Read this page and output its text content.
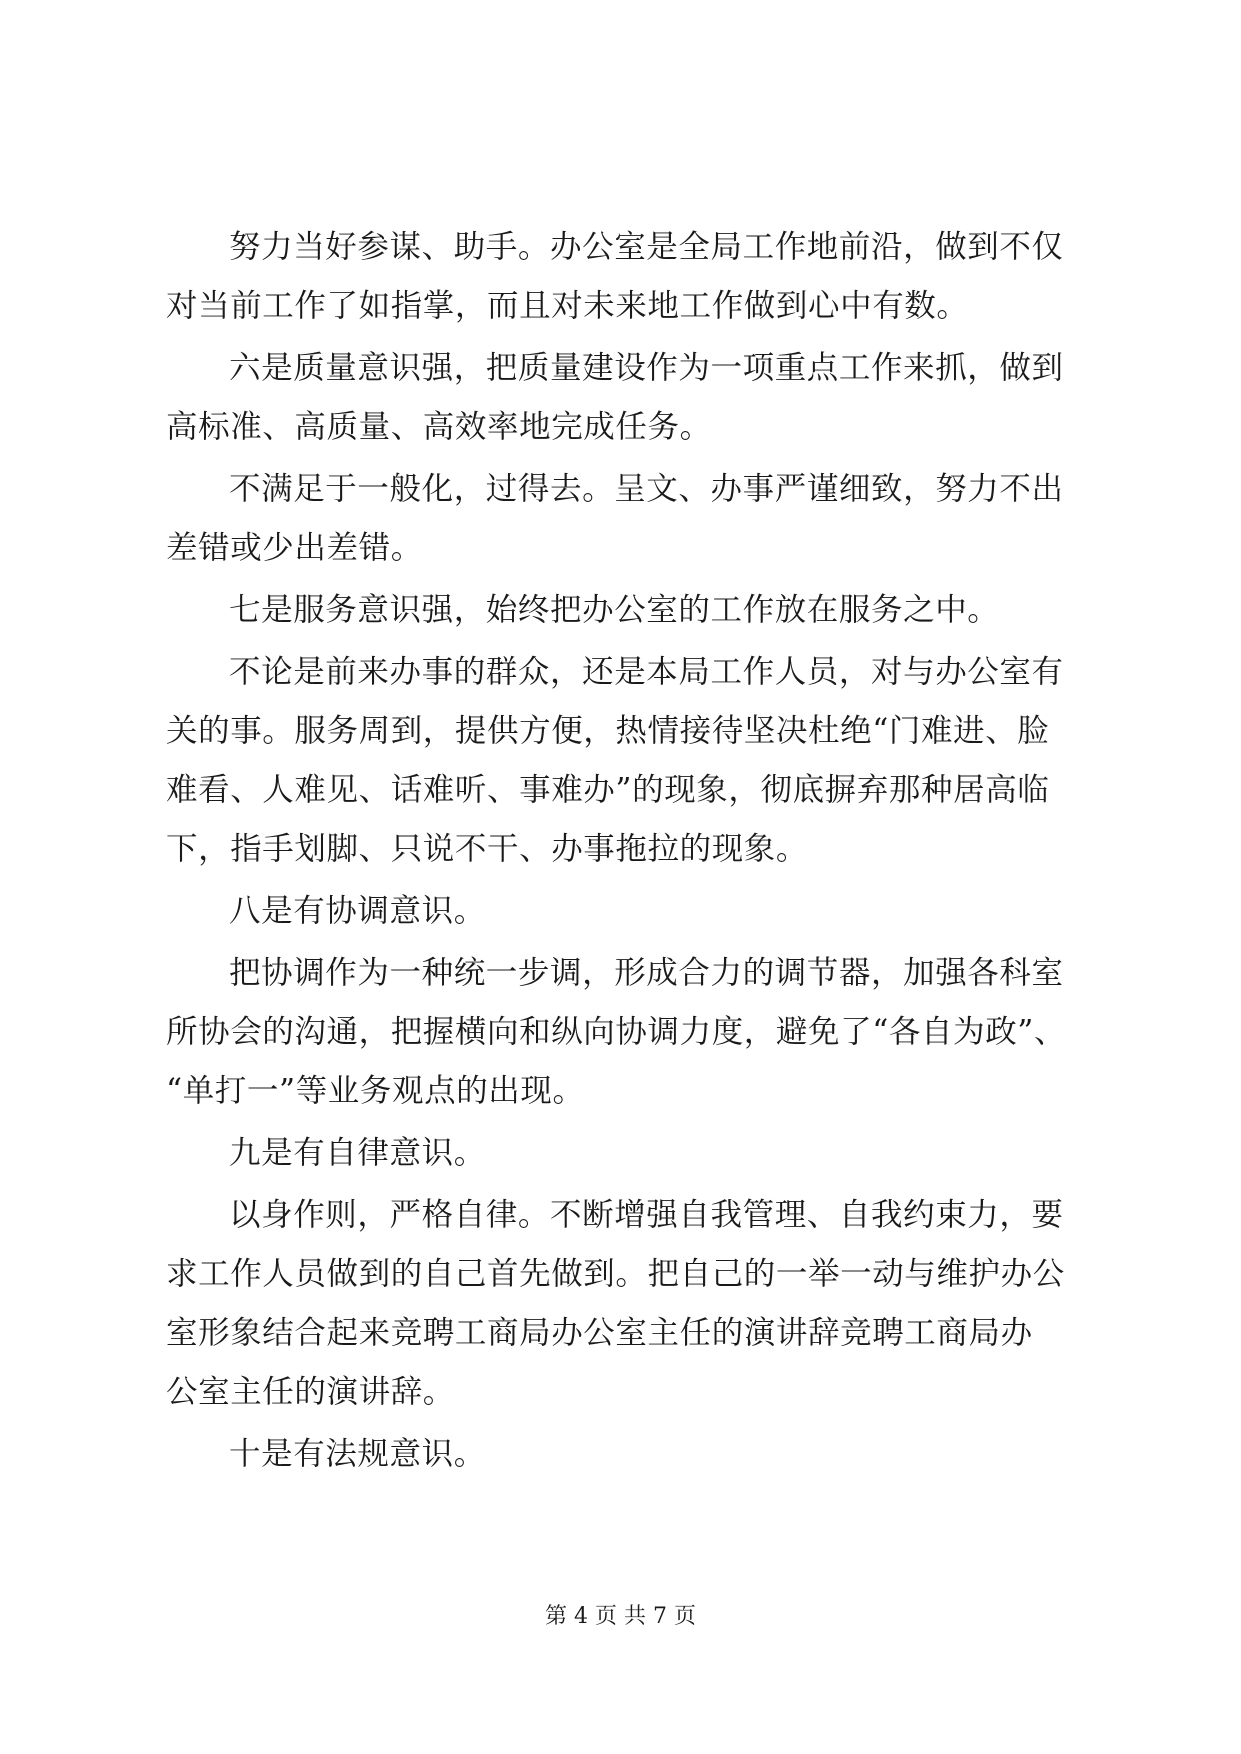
努力当好参谋、助手。办公室是全局工作地前沿，做到不仅

对当前工作了如指掌，而且对未来地工作做到心中有数。

六是质量意识强，把质量建设作为一项重点工作来抓，做到

高标准、高质量、高效率地完成任务。

不满足于一般化，过得去。呈文、办事严谨细致，努力不出

差错或少出差错。

七是服务意识强，始终把办公室的工作放在服务之中。

不论是前来办事的群众，还是本局工作人员，对与办公室有

关的事。服务周到，提供方便，热情接待坚决杜绝“门难进、脸

难看、人难见、话难听、事难办”的现象，彻底摒弃那种居高临

下，指手划脚、只说不干、办事拖拉的现象。

八是有协调意识。

把协调作为一种统一步调，形成合力的调节器，加强各科室

所协会的沟通，把握横向和纵向协调力度，避免了“各自为政”、

“单打一”等业务观点的出现。

九是有自律意识。

以身作则，严格自律。不断增强自我管理、自我约束力，要

求工作人员做到的自己首先做到。把自己的一举一动与维护办公

室形象结合起来竞聘工商局办公室主任的演讲辞竞聘工商局办

公室主任的演讲辞。

十是有法规意识。

第 4 页 共 7 页
